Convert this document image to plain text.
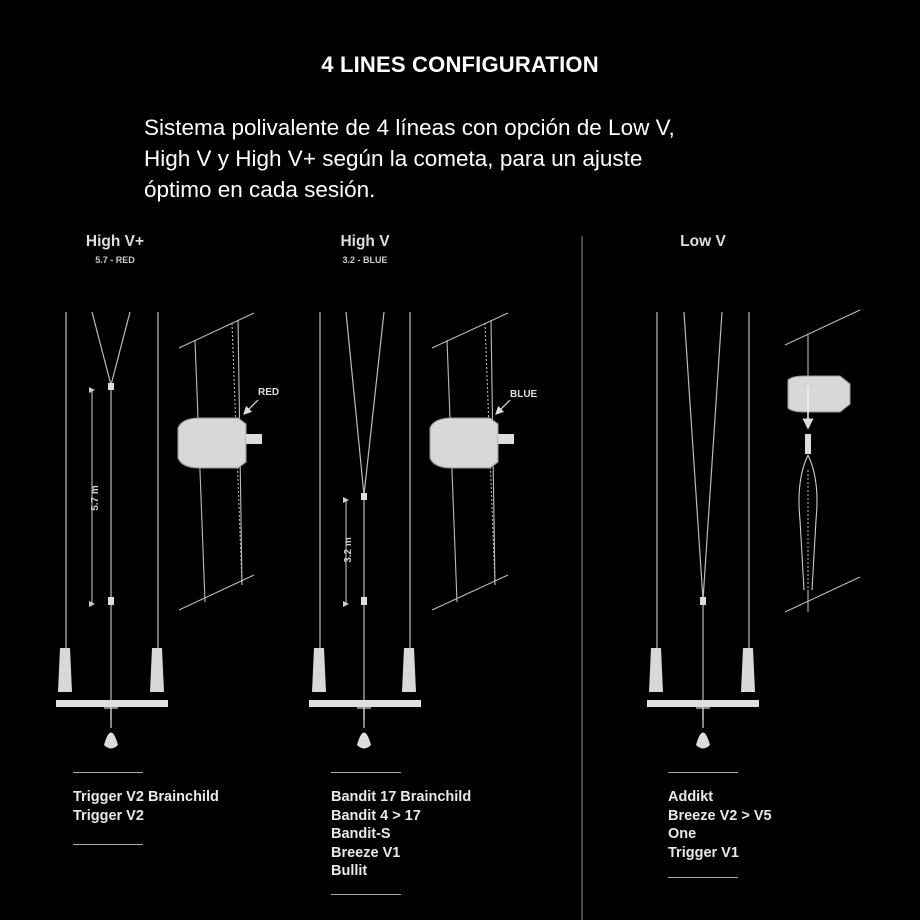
4 LINES CONFIGURATION
Sistema polivalente de 4 líneas con opción de Low V,
High V y High V+ según la cometa, para un ajuste
óptimo en cada sesión.
High V+
5.7 - RED
High V
3.2 - BLUE
Low V
5.7 m
RED
3.2 m
BLUE
Trigger V2 Brainchild
Trigger V2
Bandit 17 Brainchild
Bandit 4 > 17
Bandit-S
Breeze V1
Bullit
Addikt
Breeze V2 > V5
One
Trigger V1
